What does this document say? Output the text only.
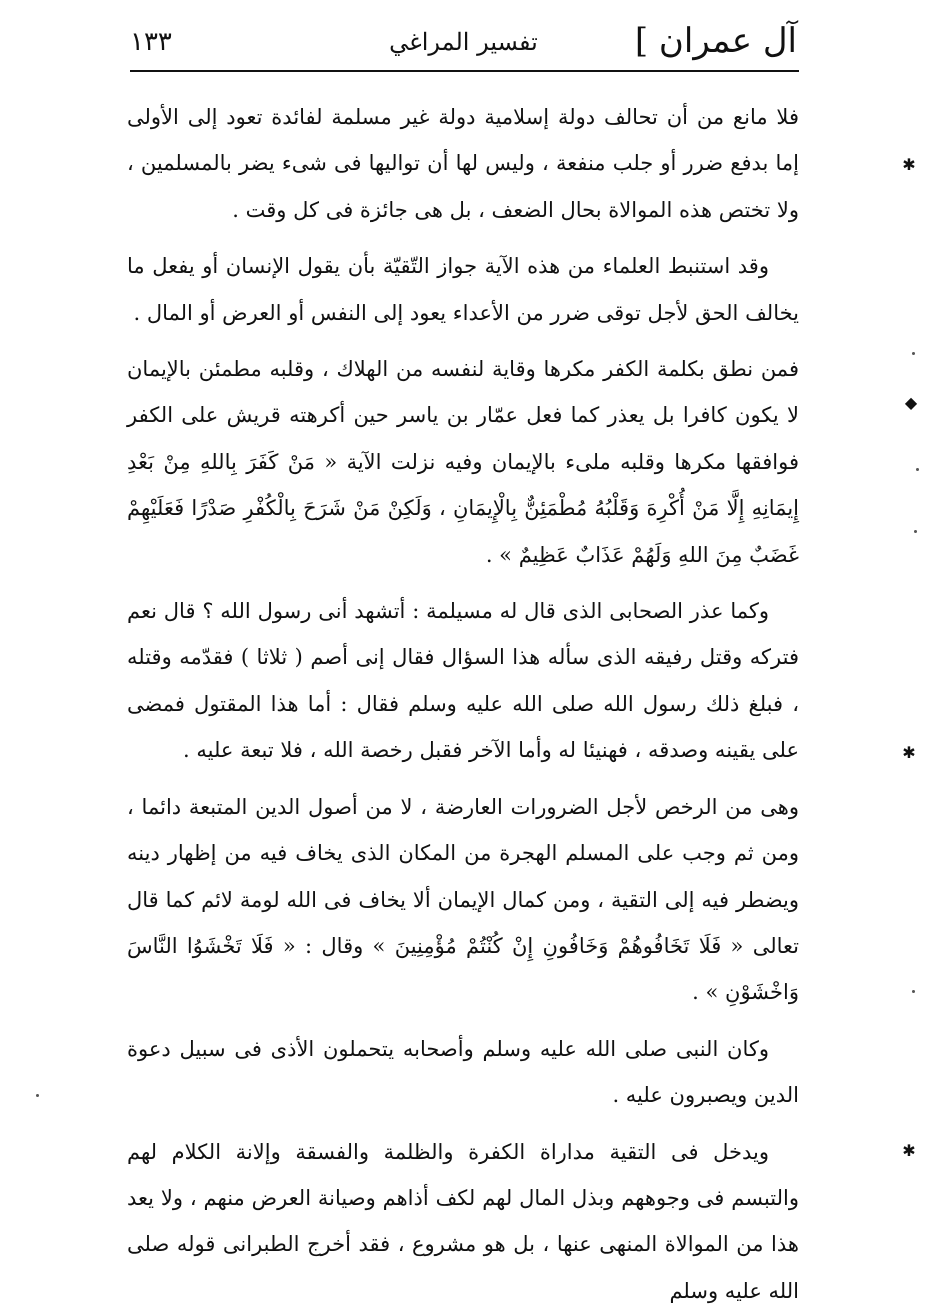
آل عمران ]
تفسير المراغي
١٣٣

فلا مانع من أن تحالف دولة إسلامية دولة غير مسلمة لفائدة تعود إلى الأولى إما بدفع ضرر أو جلب منفعة ، وليس لها أن تواليها فى شىء يضر بالمسلمين ، ولا تختص هذه الموالاة بحال الضعف ، بل هى جائزة فى كل وقت .

وقد استنبط العلماء من هذه الآية جواز التّقيّة بأن يقول الإنسان أو يفعل ما يخالف الحق لأجل توقى ضرر من الأعداء يعود إلى النفس أو العرض أو المال .

فمن نطق بكلمة الكفر مكرها وقاية لنفسه من الهلاك ، وقلبه مطمئن بالإيمان لا يكون كافرا بل يعذر كما فعل عمّار بن ياسر حين أكرهته قريش على الكفر فوافقها مكرها وقلبه ملىء بالإيمان وفيه نزلت الآية « مَنْ كَفَرَ بِاللهِ مِنْ بَعْدِ إِيمَانِهِ إِلَّا مَنْ أُكْرِهَ وَقَلْبُهُ مُطْمَئِنٌّ بِالْإِيمَانِ ، وَلَكِنْ مَنْ شَرَحَ بِالْكُفْرِ صَدْرًا فَعَلَيْهِمْ غَضَبٌ مِنَ اللهِ وَلَهُمْ عَذَابٌ عَظِيمٌ » .

وكما عذر الصحابى الذى قال له مسيلمة : أتشهد أنى رسول الله ؟ قال نعم فتركه وقتل رفيقه الذى سأله هذا السؤال فقال إنى أصم ( ثلاثا ) فقدّمه وقتله ، فبلغ ذلك رسول الله صلى الله عليه وسلم فقال : أما هذا المقتول فمضى على يقينه وصدقه ، فهنيئا له وأما الآخر فقبل رخصة الله ، فلا تبعة عليه .

وهى من الرخص لأجل الضرورات العارضة ، لا من أصول الدين المتبعة دائما ، ومن ثم وجب على المسلم الهجرة من المكان الذى يخاف فيه من إظهار دينه ويضطر فيه إلى التقية ، ومن كمال الإيمان ألا يخاف فى الله لومة لائم كما قال تعالى « فَلَا تَخَافُوهُمْ وَخَافُونِ إِنْ كُنْتُمْ مُؤْمِنِينَ » وقال : « فَلَا تَخْشَوُا النَّاسَ وَاخْشَوْنِ » .

وكان النبى صلى الله عليه وسلم وأصحابه يتحملون الأذى فى سبيل دعوة الدين ويصبرون عليه .

ويدخل فى التقية مداراة الكفرة والظلمة والفسقة وإلانة الكلام لهم والتبسم فى وجوههم وبذل المال لهم لكف أذاهم وصيانة العرض منهم ، ولا يعد هذا من الموالاة المنهى عنها ، بل هو مشروع ، فقد أخرج الطبرانى قوله صلى الله عليه وسلم

✱
◆
✱
✱
